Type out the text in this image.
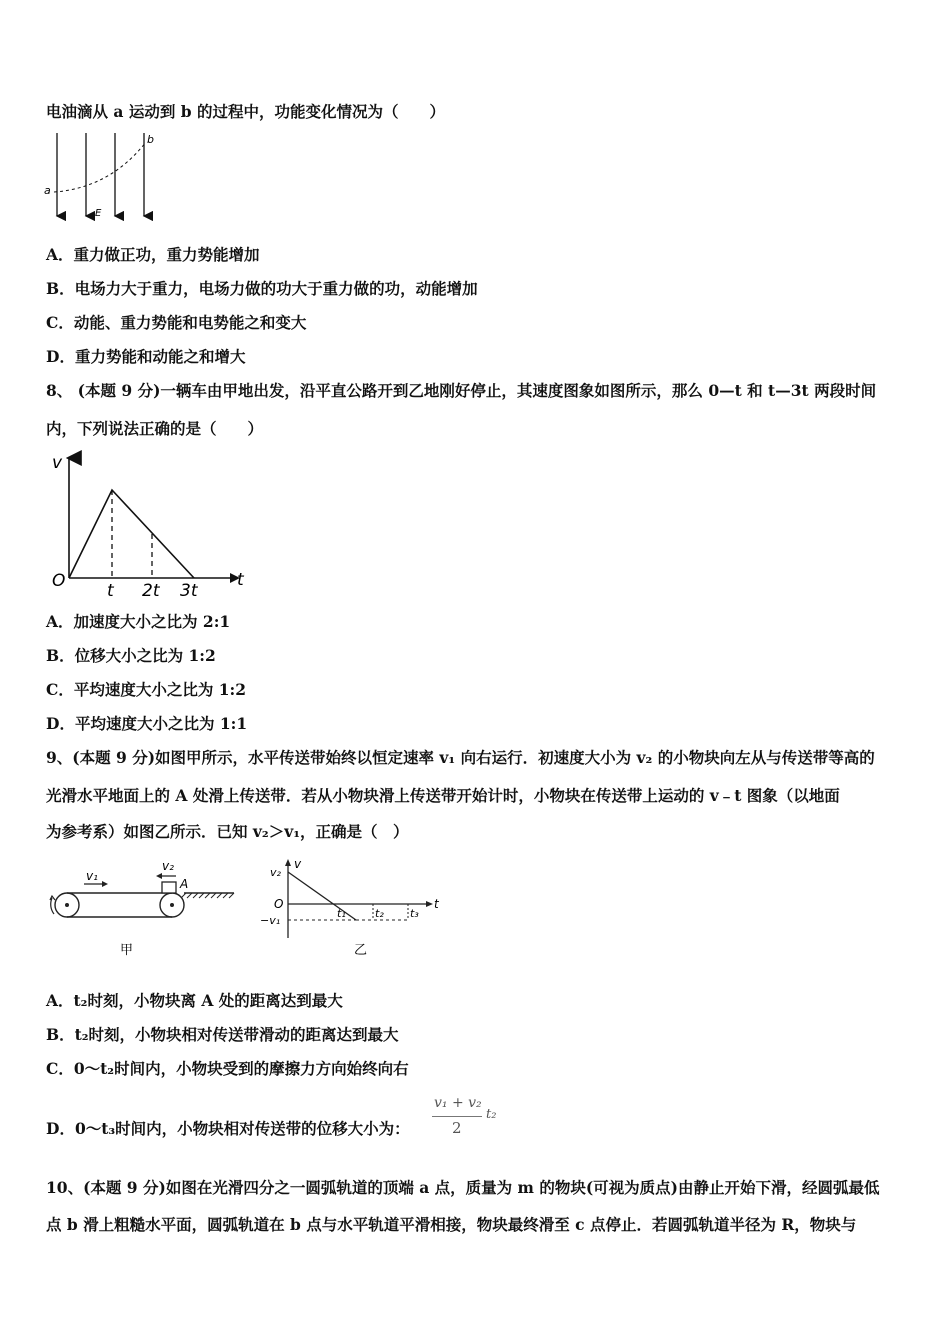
电油滴从 a 运动到 b 的过程中，功能变化情况为（　　）
a
b
E
A．重力做正功，重力势能增加
B．电场力大于重力，电场力做的功大于重力做的功，动能增加
C．动能、重力势能和电势能之和变大
D．重力势能和动能之和增大
8、 (本题 9 分)一辆车由甲地出发，沿平直公路开到乙地刚好停止，其速度图象如图所示，那么 0—t 和 t—3t 两段时间
内，下列说法正确的是（　　）
v
t
O t 2t 3t
A．加速度大小之比为 2:1
B．位移大小之比为 1:2
C．平均速度大小之比为 1:2
D．平均速度大小之比为 1:1
9、(本题 9 分)如图甲所示，水平传送带始终以恒定速率 v₁ 向右运行．初速度大小为 v₂ 的小物块向左从与传送带等高的
光滑水平地面上的 A 处滑上传送带．若从小物块滑上传送带开始计时，小物块在传送带上运动的 v﹣t 图象（以地面
为参考系）如图乙所示．已知 v₂＞v₁，正确是（　）
v₁
v₂
A
甲
v
t
v₂
O
−v₁
t₁	t₂ t₃
乙
A．t₂时刻，小物块离 A 处的距离达到最大
B．t₂时刻，小物块相对传送带滑动的距离达到最大
C．0～t₂时间内，小物块受到的摩擦力方向始终向右
D．0～t₃时间内，小物块相对传送带的位移大小为：
v₁ + v₂
2
t₂
10、(本题 9 分)如图在光滑四分之一圆弧轨道的顶端 a 点，质量为 m 的物块(可视为质点)由静止开始下滑，经圆弧最低
点 b 滑上粗糙水平面，圆弧轨道在 b 点与水平轨道平滑相接，物块最终滑至 c 点停止．若圆弧轨道半径为 R，物块与
